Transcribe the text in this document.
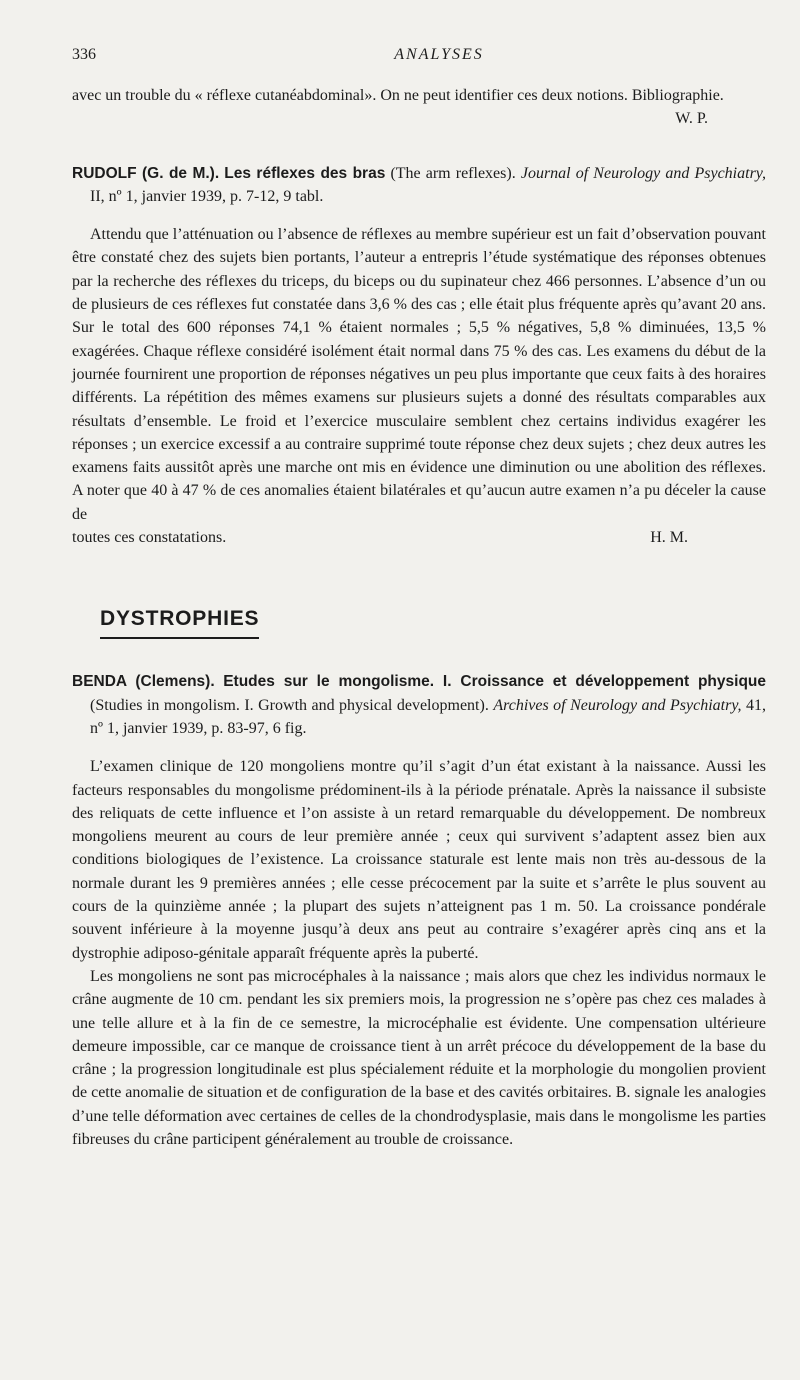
336	ANALYSES

avec un trouble du « réflexe cutanéabdominal». On ne peut identifier ces deux notions. Bibliographie.

W. P.

RUDOLF (G. de M.). Les réflexes des bras (The arm reflexes). Journal of Neurology and Psychiatry, II, nº 1, janvier 1939, p. 7-12, 9 tabl.

Attendu que l’atténuation ou l’absence de réflexes au membre supérieur est un fait d’observation pouvant être constaté chez des sujets bien portants, l’auteur a entrepris l’étude systématique des réponses obtenues par la recherche des réflexes du triceps, du biceps ou du supinateur chez 466 personnes. L’absence d’un ou de plusieurs de ces réflexes fut constatée dans 3,6 % des cas ; elle était plus fréquente après qu’avant 20 ans. Sur le total des 600 réponses 74,1 % étaient normales ; 5,5 % négatives, 5,8 % diminuées, 13,5 % exagérées. Chaque réflexe considéré isolément était normal dans 75 % des cas. Les examens du début de la journée fournirent une proportion de réponses négatives un peu plus importante que ceux faits à des horaires différents. La répétition des mêmes examens sur plusieurs sujets a donné des résultats comparables aux résultats d’ensemble. Le froid et l’exercice musculaire semblent chez certains individus exagérer les réponses ; un exercice excessif a au contraire supprimé toute réponse chez deux sujets ; chez deux autres les examens faits aussitôt après une marche ont mis en évidence une diminution ou une abolition des réflexes. A noter que 40 à 47 % de ces anomalies étaient bilatérales et qu’aucun autre examen n’a pu déceler la cause de

toutes ces constatations.	H. M.

DYSTROPHIES

BENDA (Clemens). Etudes sur le mongolisme. I. Croissance et développement physique (Studies in mongolism. I. Growth and physical development). Archives of Neurology and Psychiatry, 41, nº 1, janvier 1939, p. 83-97, 6 fig.

L’examen clinique de 120 mongoliens montre qu’il s’agit d’un état existant à la naissance. Aussi les facteurs responsables du mongolisme prédominent-ils à la période prénatale. Après la naissance il subsiste des reliquats de cette influence et l’on assiste à un retard remarquable du développement. De nombreux mongoliens meurent au cours de leur première année ; ceux qui survivent s’adaptent assez bien aux conditions biologiques de l’existence. La croissance staturale est lente mais non très au-dessous de la normale durant les 9 premières années ; elle cesse précocement par la suite et s’arrête le plus souvent au cours de la quinzième année ; la plupart des sujets n’atteignent pas 1 m. 50. La croissance pondérale souvent inférieure à la moyenne jusqu’à deux ans peut au contraire s’exagérer après cinq ans et la dystrophie adiposo-génitale apparaît fréquente après la puberté.

Les mongoliens ne sont pas microcéphales à la naissance ; mais alors que chez les individus normaux le crâne augmente de 10 cm. pendant les six premiers mois, la progression ne s’opère pas chez ces malades à une telle allure et à la fin de ce semestre, la microcéphalie est évidente. Une compensation ultérieure demeure impossible, car ce manque de croissance tient à un arrêt précoce du développement de la base du crâne ; la progression longitudinale est plus spécialement réduite et la morphologie du mongolien provient de cette anomalie de situation et de configuration de la base et des cavités orbitaires. B. signale les analogies d’une telle déformation avec certaines de celles de la chondrodysplasie, mais dans le mongolisme les parties fibreuses du crâne participent généralement au trouble de croissance.
